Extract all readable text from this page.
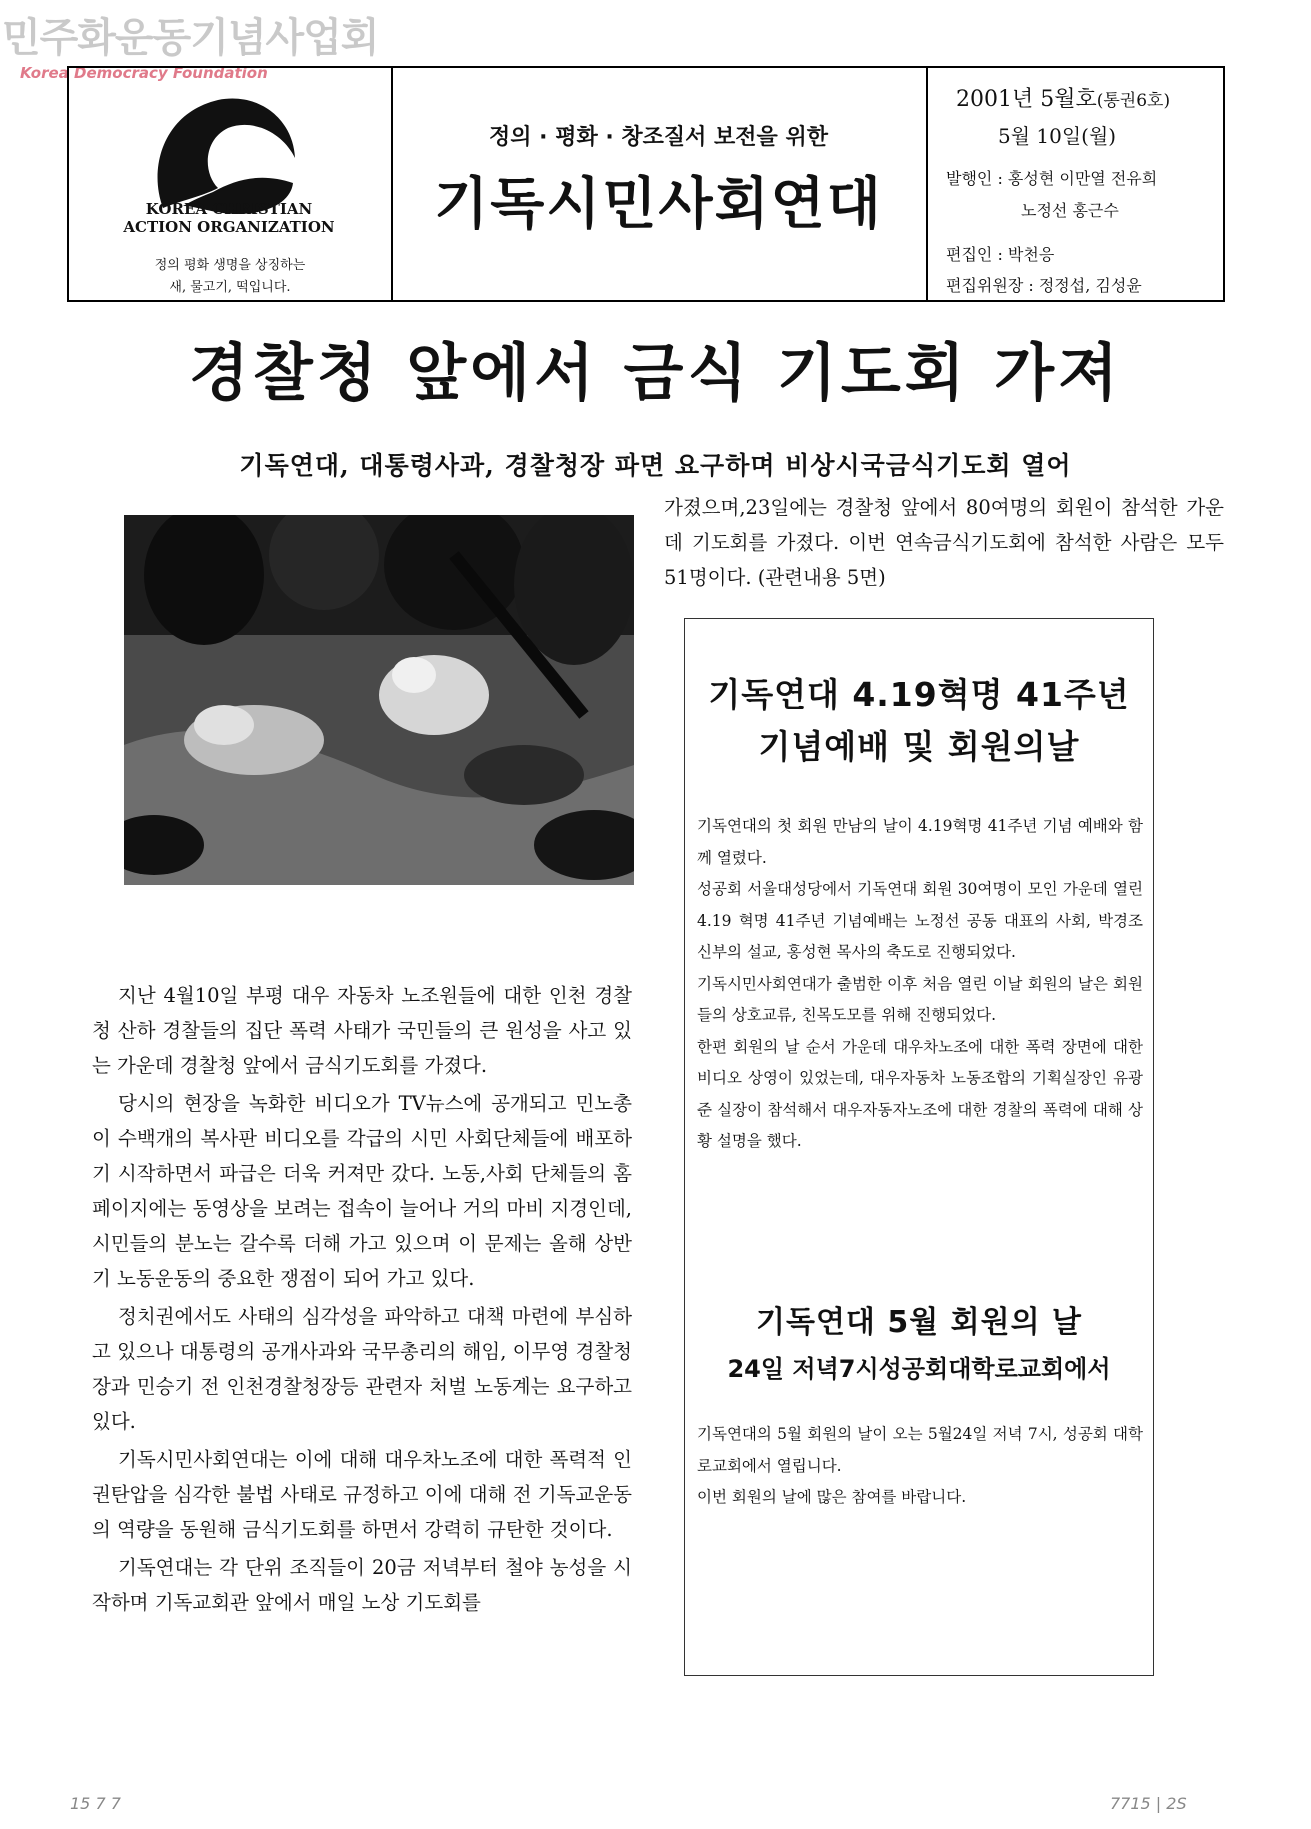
민주화운동기념사업회
Korea Democracy Foundation
KOREA CHRISTIAN
ACTION ORGANIZATION
정의 평화 생명을 상징하는
새, 물고기, 떡입니다.
정의 · 평화 · 창조질서 보전을 위한
기독시민사회연대
2001년 5월호(통권6호)
5월 10일(월)
발행인 : 홍성현 이만열 전유희
노정선 홍근수
편집인 : 박천응
편집위원장 : 정정섭, 김성윤
경찰청 앞에서 금식 기도회 가져
기독연대, 대통령사과, 경찰청장 파면 요구하며 비상시국금식기도회 열어

가졌으며,23일에는 경찰청 앞에서 80여명의 회원이 참석한 가운데 기도회를 가졌다. 이번 연속금식기도회에 참석한 사람은 모두 51명이다. (관련내용 5면)

지난 4월10일 부평 대우 자동차 노조원들에 대한 인천 경찰청 산하 경찰들의 집단 폭력 사태가 국민들의 큰 원성을 사고 있는 가운데 경찰청 앞에서 금식기도회를 가졌다.

당시의 현장을 녹화한 비디오가 TV뉴스에 공개되고 민노총이 수백개의 복사판 비디오를 각급의 시민 사회단체들에 배포하기 시작하면서 파급은 더욱 커져만 갔다. 노동,사회 단체들의 홈페이지에는 동영상을 보려는 접속이 늘어나 거의 마비 지경인데, 시민들의 분노는 갈수록 더해 가고 있으며 이 문제는 올해 상반기 노동운동의 중요한 쟁점이 되어 가고 있다.

정치권에서도 사태의 심각성을 파악하고 대책 마련에 부심하고 있으나 대통령의 공개사과와 국무총리의 해임, 이무영 경찰청장과 민승기 전 인천경찰청장등 관련자 처벌 노동계는 요구하고 있다.

기독시민사회연대는 이에 대해 대우차노조에 대한 폭력적 인권탄압을 심각한 불법 사태로 규정하고 이에 대해 전 기독교운동의 역량을 동원해 금식기도회를 하면서 강력히 규탄한 것이다.

기독연대는 각 단위 조직들이 20금 저녁부터 철야 농성을 시작하며 기독교회관 앞에서 매일 노상 기도회를

기독연대 4.19혁명 41주년
기념예배 및 회원의날

기독연대의 첫 회원 만남의 날이 4.19혁명 41주년 기념 예배와 함께 열렸다.

성공회 서울대성당에서 기독연대 회원 30여명이 모인 가운데 열린 4.19 혁명 41주년 기념예배는 노정선 공동 대표의 사회, 박경조 신부의 설교, 홍성현 목사의 축도로 진행되었다.

기독시민사회연대가 출범한 이후 처음 열린 이날 회원의 날은 회원들의 상호교류, 친목도모를 위해 진행되었다.

한편 회원의 날 순서 가운데 대우차노조에 대한 폭력 장면에 대한 비디오 상영이 있었는데, 대우자동차 노동조합의 기획실장인 유광준 실장이 참석해서 대우자동자노조에 대한 경찰의 폭력에 대해 상황 설명을 했다.

기독연대 5월 회원의 날
24일 저녁7시성공회대학로교회에서

기독연대의 5월 회원의 날이 오는 5월24일 저녁 7시, 성공회 대학로교회에서 열립니다.

이번 회원의 날에 많은 참여를 바랍니다.

15 7 7	7715 | 2S
